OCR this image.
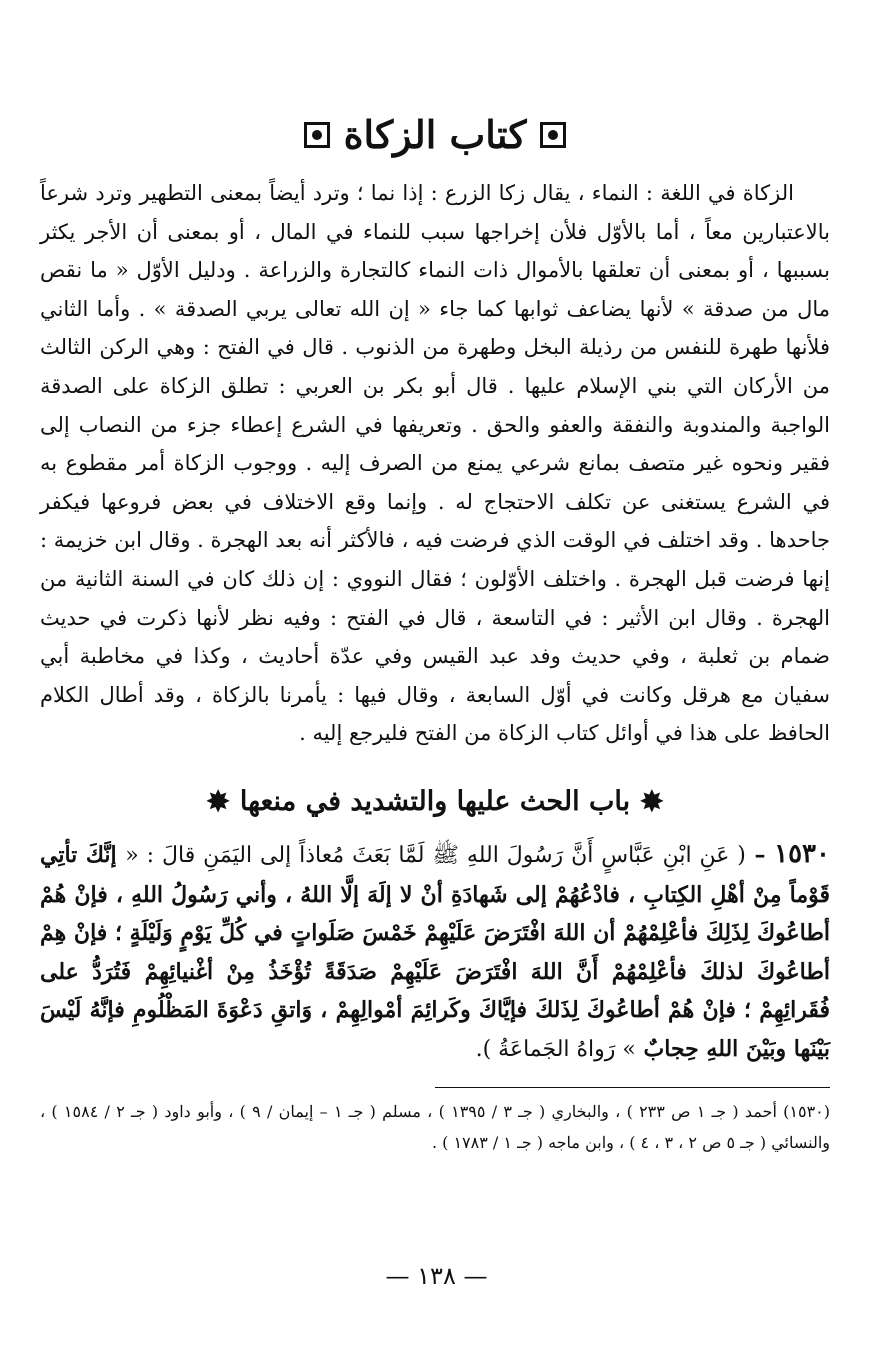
كتاب الزكاة

الزكاة في اللغة : النماء ، يقال زكا الزرع : إذا نما ؛ وترد أيضاً بمعنى التطهير وترد شرعاً بالاعتبارين معاً ، أما بالأوّل فلأن إخراجها سبب للنماء في المال ، أو بمعنى أن الأجر يكثر بسببها ، أو بمعنى أن تعلقها بالأموال ذات النماء كالتجارة والزراعة . ودليل الأوّل « ما نقص مال من صدقة » لأنها يضاعف ثوابها كما جاء « إن الله تعالى يربي الصدقة » . وأما الثاني فلأنها طهرة للنفس من رذيلة البخل وطهرة من الذنوب . قال في الفتح : وهي الركن الثالث من الأركان التي بني الإسلام عليها . قال أبو بكر بن العربي : تطلق الزكاة على الصدقة الواجبة والمندوبة والنفقة والعفو والحق . وتعريفها في الشرع إعطاء جزء من النصاب إلى فقير ونحوه غير متصف بمانع شرعي يمنع من الصرف إليه . ووجوب الزكاة أمر مقطوع به في الشرع يستغنى عن تكلف الاحتجاج له . وإنما وقع الاختلاف في بعض فروعها فيكفر جاحدها . وقد اختلف في الوقت الذي فرضت فيه ، فالأكثر أنه بعد الهجرة . وقال ابن خزيمة : إنها فرضت قبل الهجرة . واختلف الأوّلون ؛ فقال النووي : إن ذلك كان في السنة الثانية من الهجرة . وقال ابن الأثير : في التاسعة ، قال في الفتح : وفيه نظر لأنها ذكرت في حديث ضمام بن ثعلبة ، وفي حديث وفد عبد القيس وفي عدّة أحاديث ، وكذا في مخاطبة أبي سفيان مع هرقل وكانت في أوّل السابعة ، وقال فيها : يأمرنا بالزكاة ، وقد أطال الكلام الحافظ على هذا في أوائل كتاب الزكاة من الفتح فليرجع إليه .

✸
باب الحث عليها والتشديد في منعها
✸

١٥٣٠ – ( عَنِ ابْنِ عَبَّاسٍ أَنَّ رَسُولَ اللهِ ﷺ لَمَّا بَعَثَ مُعاذاً إلى اليَمَنِ قالَ : « إنَّكَ تأتِي قَوْماً مِنْ أهْلِ الكِتابِ ، فادْعُهُمْ إلى شَهادَةِ أنْ لا إلَهَ إلَّا اللهُ ، وأني رَسُولُ اللهِ ، فإنْ هُمْ أطاعُوكَ لِذَلِكَ فأعْلِمْهُمْ أن اللهَ افْتَرَضَ عَلَيْهِمْ خَمْسَ صَلَواتٍ في كُلِّ يَوْمٍ وَلَيْلَةٍ ؛ فإنْ هِمْ أطاعُوكَ لذلكَ فأعْلِمْهُمْ أَنَّ اللهَ افْتَرَضَ عَلَيْهِمْ صَدَقَةً تُؤْخَذُ مِنْ أغْنيائِهِمْ فَتُرَدُّ على فُقَرائِهِمْ ؛ فإنْ هُمْ أطاعُوكَ لِذَلكَ فإيَّاكَ وكَرائِمَ أمْوالِهِمْ ، وَاتقِ دَعْوَةَ المَظْلُومِ فإنَّهُ لَيْسَ بَيْنَها وبَيْنَ اللهِ حِجابٌ » رَواهُ الجَماعَةُ ).

(١٥٣٠) أحمد ( جـ ١ ص ٢٣٣ ) ، والبخاري ( جـ ٣ / ١٣٩٥ ) ، مسلم ( جـ ١ – إيمان / ٩ ) ، وأبو داود ( جـ ٢ / ١٥٨٤ ) ، والنسائي ( جـ ٥ ص ٢ ، ٣ ، ٤ ) ، وابن ماجه ( جـ ١ / ١٧٨٣ ) .

— ١٣٨ —
